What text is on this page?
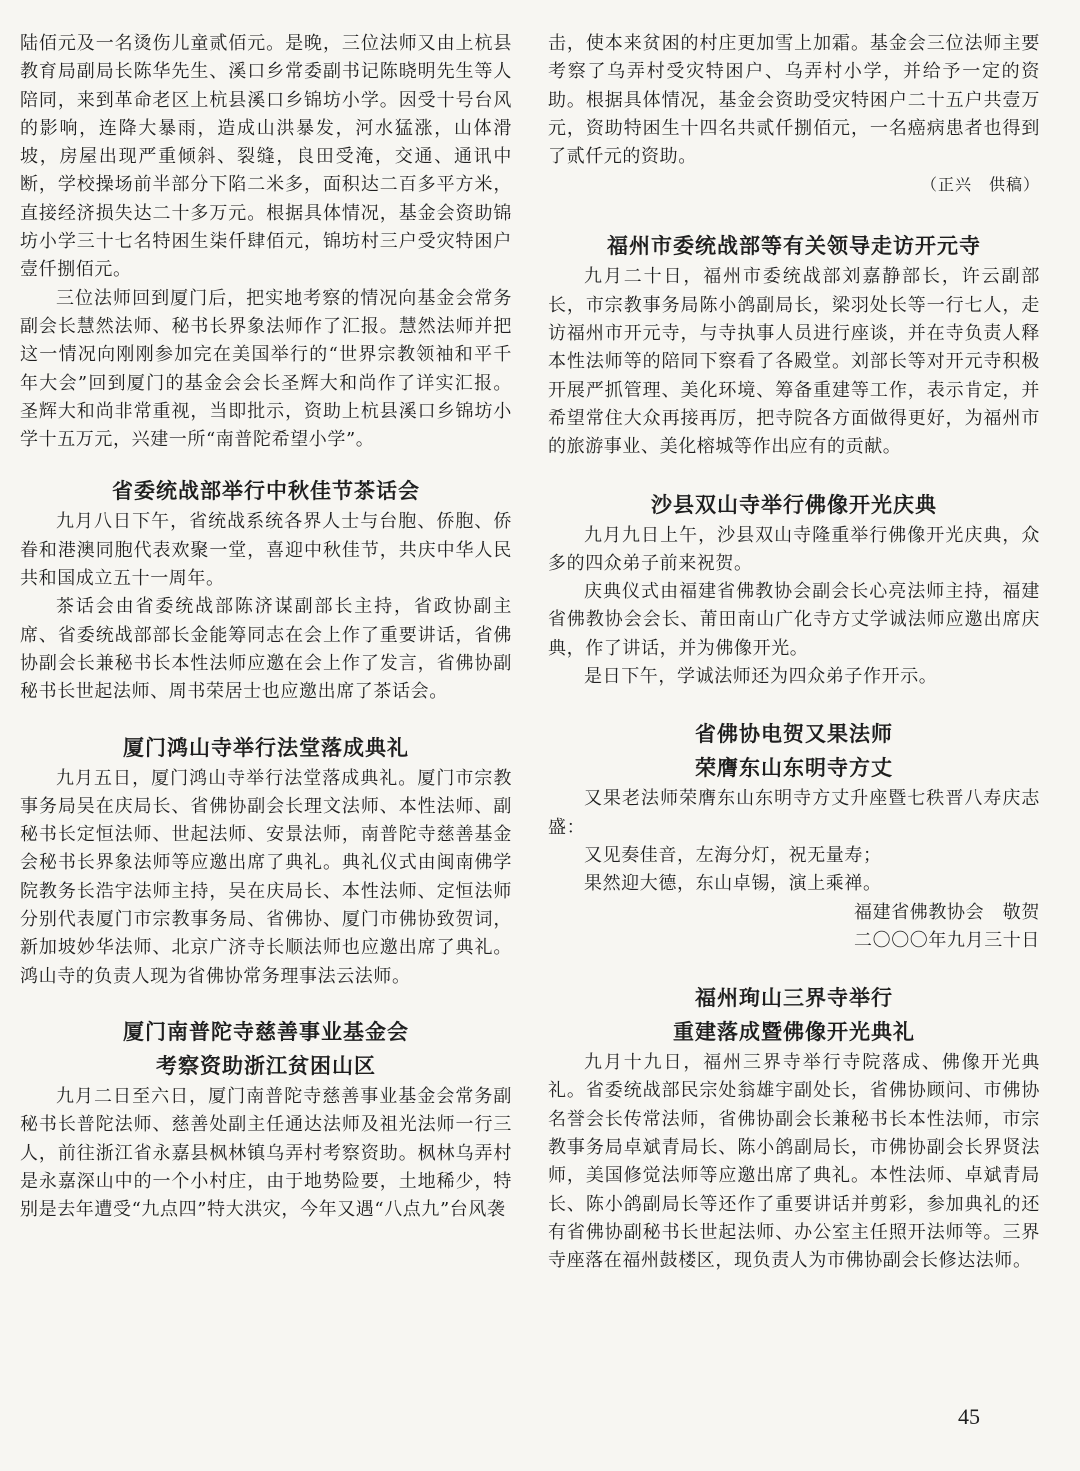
陆佰元及一名烫伤儿童贰佰元。是晚，三位法师又由上杭县教育局副局长陈华先生、溪口乡常委副书记陈晓明先生等人陪同，来到革命老区上杭县溪口乡锦坊小学。因受十号台风的影响，连降大暴雨，造成山洪暴发，河水猛涨，山体滑坡，房屋出现严重倾斜、裂缝，良田受淹，交通、通讯中断，学校操场前半部分下陷二米多，面积达二百多平方米，直接经济损失达二十多万元。根据具体情况，基金会资助锦坊小学三十七名特困生柒仟肆佰元，锦坊村三户受灾特困户壹仟捌佰元。

三位法师回到厦门后，把实地考察的情况向基金会常务副会长慧然法师、秘书长界象法师作了汇报。慧然法师并把这一情况向刚刚参加完在美国举行的“世界宗教领袖和平千年大会”回到厦门的基金会会长圣辉大和尚作了详实汇报。圣辉大和尚非常重视，当即批示，资助上杭县溪口乡锦坊小学十五万元，兴建一所“南普陀希望小学”。

省委统战部举行中秋佳节茶话会

九月八日下午，省统战系统各界人士与台胞、侨胞、侨眷和港澳同胞代表欢聚一堂，喜迎中秋佳节，共庆中华人民共和国成立五十一周年。

茶话会由省委统战部陈济谋副部长主持，省政协副主席、省委统战部部长金能筹同志在会上作了重要讲话，省佛协副会长兼秘书长本性法师应邀在会上作了发言，省佛协副秘书长世起法师、周书荣居士也应邀出席了茶话会。

厦门鸿山寺举行法堂落成典礼

九月五日，厦门鸿山寺举行法堂落成典礼。厦门市宗教事务局吴在庆局长、省佛协副会长理文法师、本性法师、副秘书长定恒法师、世起法师、安景法师，南普陀寺慈善基金会秘书长界象法师等应邀出席了典礼。典礼仪式由闽南佛学院教务长浩宇法师主持，吴在庆局长、本性法师、定恒法师分别代表厦门市宗教事务局、省佛协、厦门市佛协致贺词，新加坡妙华法师、北京广济寺长顺法师也应邀出席了典礼。鸿山寺的负责人现为省佛协常务理事法云法师。

厦门南普陀寺慈善事业基金会
考察资助浙江贫困山区

九月二日至六日，厦门南普陀寺慈善事业基金会常务副秘书长普陀法师、慈善处副主任通达法师及祖光法师一行三人，前往浙江省永嘉县枫林镇乌弄村考察资助。枫林乌弄村是永嘉深山中的一个小村庄，由于地势险要，土地稀少，特别是去年遭受“九点四”特大洪灾，今年又遇“八点九”台风袭

击，使本来贫困的村庄更加雪上加霜。基金会三位法师主要考察了乌弄村受灾特困户、乌弄村小学，并给予一定的资助。根据具体情况，基金会资助受灾特困户二十五户共壹万元，资助特困生十四名共贰仟捌佰元，一名癌病患者也得到了贰仟元的资助。

（正兴　供稿）

福州市委统战部等有关领导走访开元寺

九月二十日，福州市委统战部刘嘉静部长，许云副部长，市宗教事务局陈小鸽副局长，梁羽处长等一行七人，走访福州市开元寺，与寺执事人员进行座谈，并在寺负责人释本性法师等的陪同下察看了各殿堂。刘部长等对开元寺积极开展严抓管理、美化环境、筹备重建等工作，表示肯定，并希望常住大众再接再厉，把寺院各方面做得更好，为福州市的旅游事业、美化榕城等作出应有的贡献。

沙县双山寺举行佛像开光庆典

九月九日上午，沙县双山寺隆重举行佛像开光庆典，众多的四众弟子前来祝贺。

庆典仪式由福建省佛教协会副会长心亮法师主持，福建省佛教协会会长、莆田南山广化寺方丈学诚法师应邀出席庆典，作了讲话，并为佛像开光。

是日下午，学诚法师还为四众弟子作开示。

省佛协电贺又果法师
荣膺东山东明寺方丈

又果老法师荣膺东山东明寺方丈升座暨七秩晋八寿庆志盛：

又见奏佳音，左海分灯，祝无量寿；

果然迎大德，东山卓锡，演上乘禅。

福建省佛教协会　敬贺

二〇〇〇年九月三十日

福州珣山三界寺举行
重建落成暨佛像开光典礼

九月十九日，福州三界寺举行寺院落成、佛像开光典礼。省委统战部民宗处翁雄宇副处长，省佛协顾问、市佛协名誉会长传常法师，省佛协副会长兼秘书长本性法师，市宗教事务局卓斌青局长、陈小鸽副局长，市佛协副会长界贤法师，美国修觉法师等应邀出席了典礼。本性法师、卓斌青局长、陈小鸽副局长等还作了重要讲话并剪彩，参加典礼的还有省佛协副秘书长世起法师、办公室主任照开法师等。三界寺座落在福州鼓楼区，现负责人为市佛协副会长修达法师。

45
